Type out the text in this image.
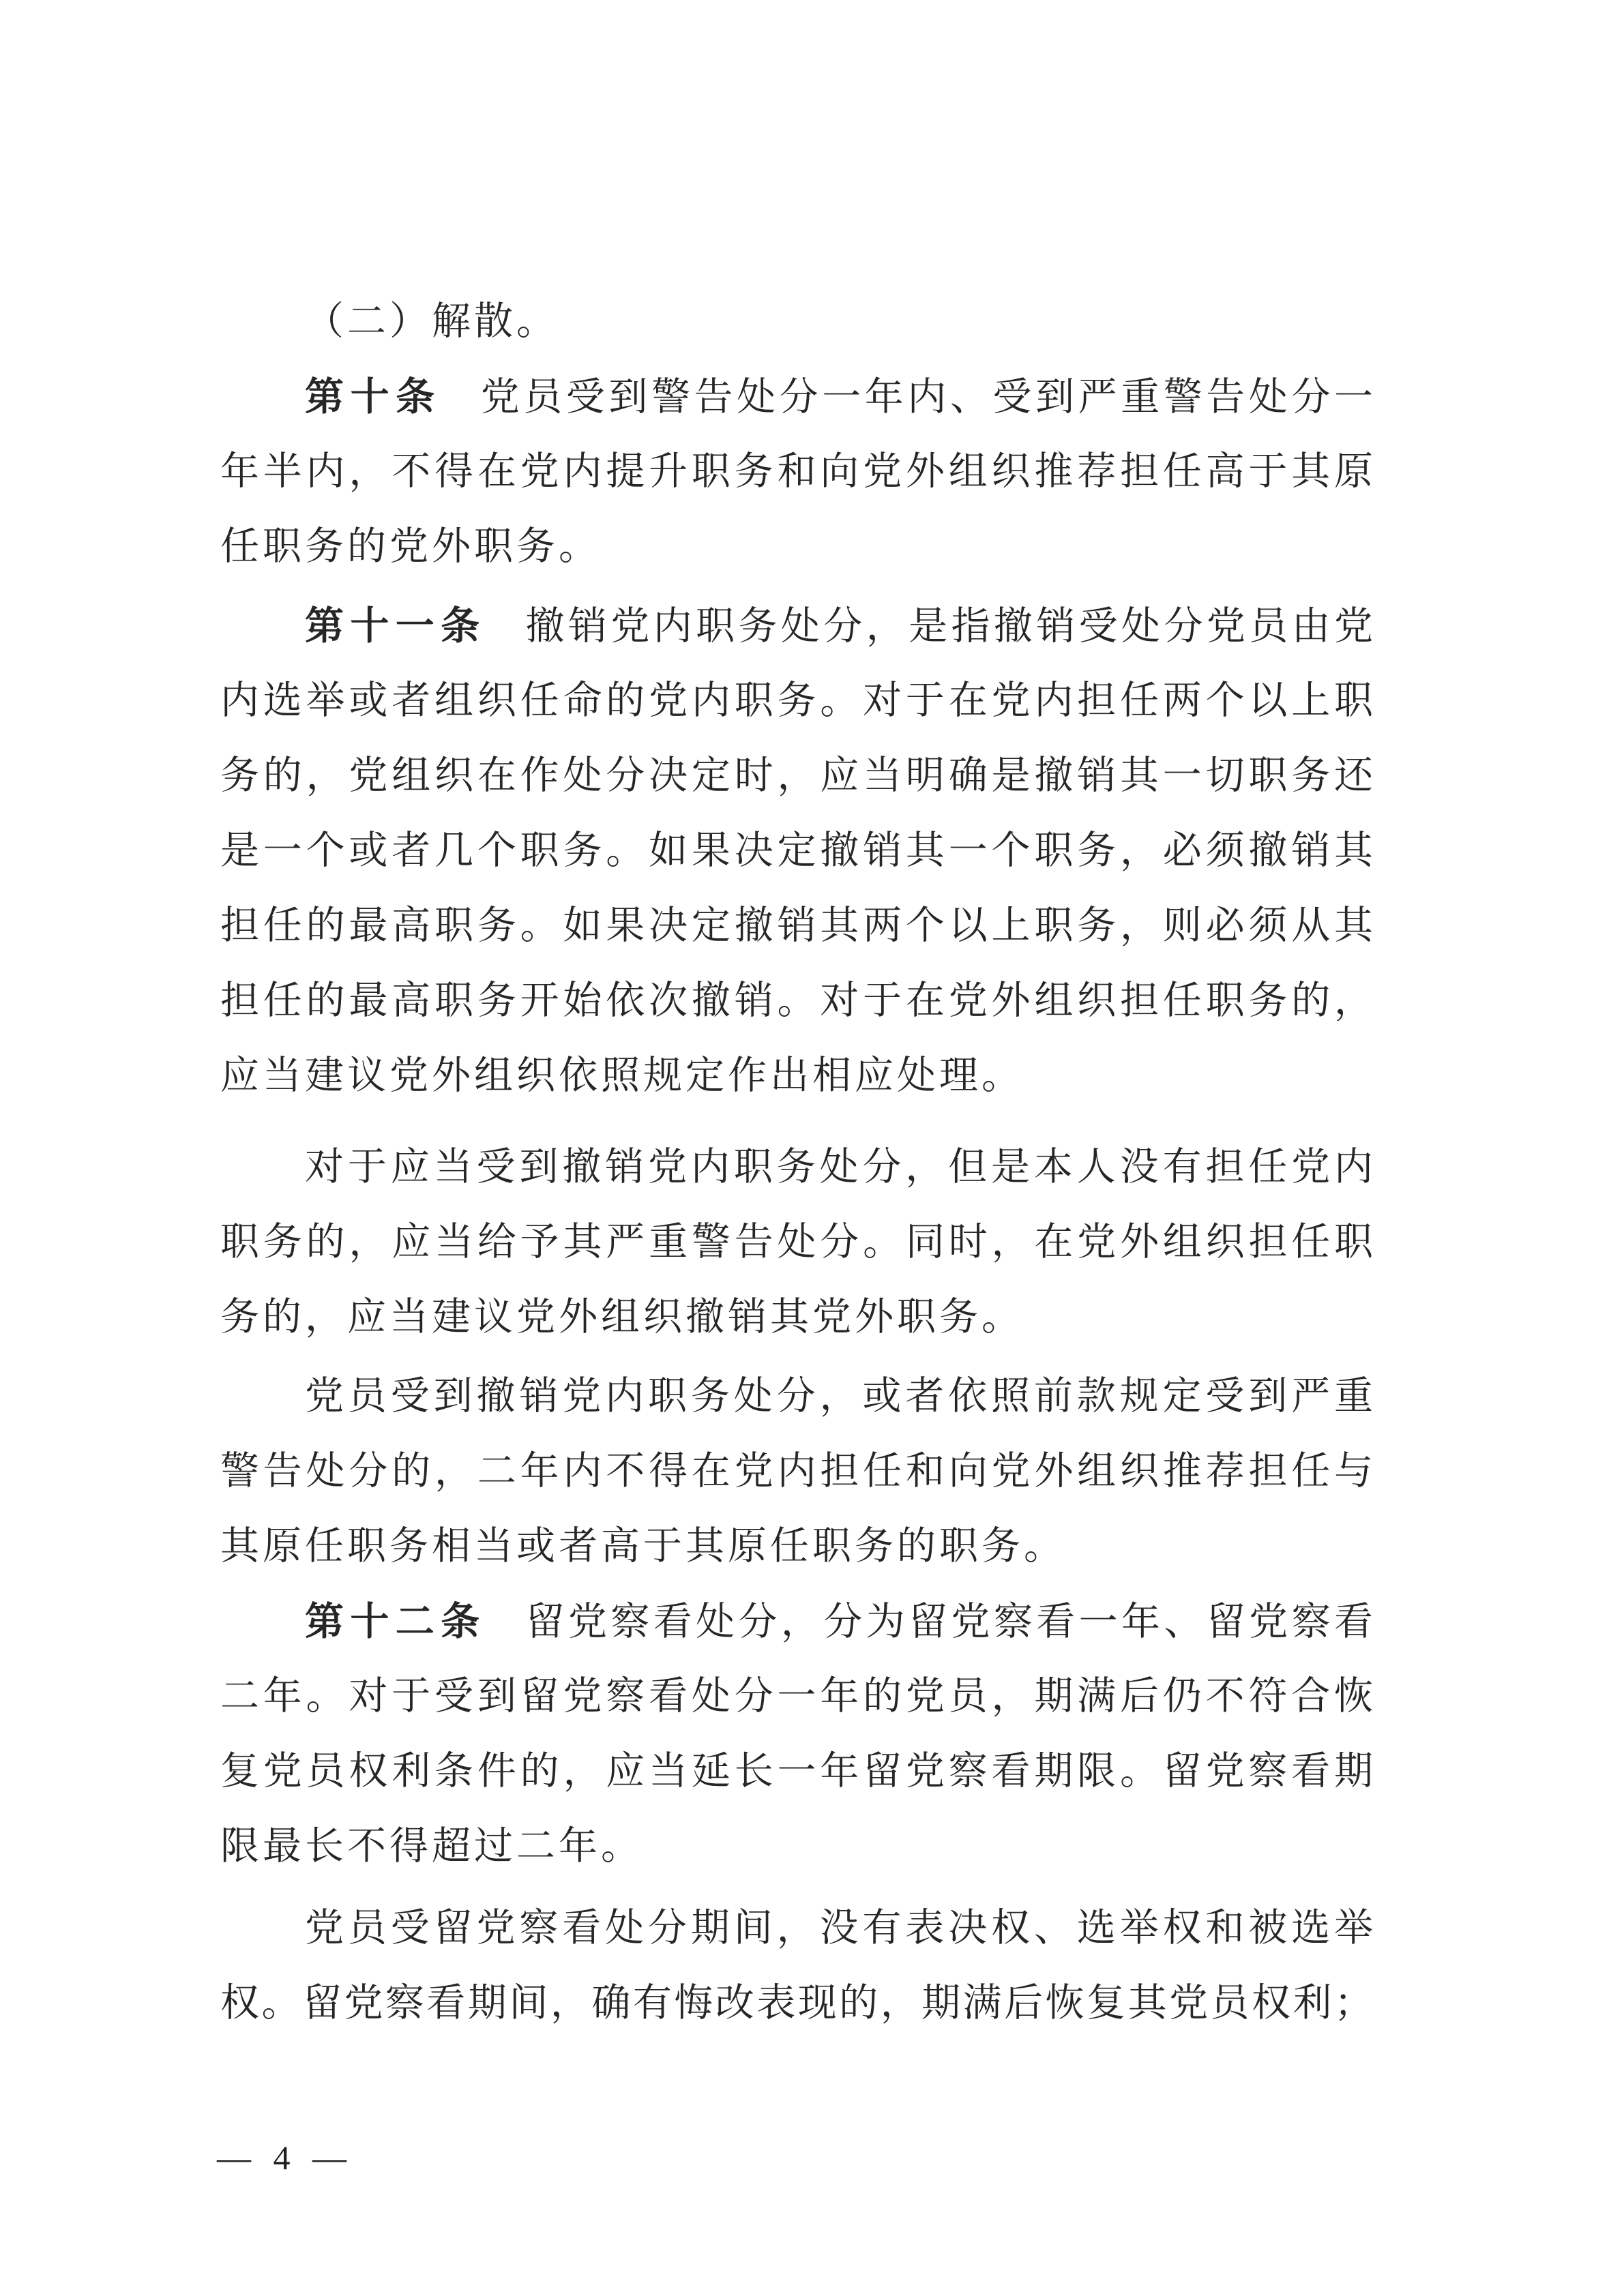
（二）解散。
第十条 党员受到警告处分一年内、受到严重警告处分一
年半内，不得在党内提升职务和向党外组织推荐担任高于其原
任职务的党外职务。
第十一条 撤销党内职务处分，是指撤销受处分党员由党
内选举或者组织任命的党内职务。对于在党内担任两个以上职
务的，党组织在作处分决定时，应当明确是撤销其一切职务还
是一个或者几个职务。如果决定撤销其一个职务，必须撤销其
担任的最高职务。如果决定撤销其两个以上职务，则必须从其
担任的最高职务开始依次撤销。对于在党外组织担任职务的，
应当建议党外组织依照规定作出相应处理。
对于应当受到撤销党内职务处分，但是本人没有担任党内
职务的，应当给予其严重警告处分。同时，在党外组织担任职
务的，应当建议党外组织撤销其党外职务。
党员受到撤销党内职务处分，或者依照前款规定受到严重
警告处分的，二年内不得在党内担任和向党外组织推荐担任与
其原任职务相当或者高于其原任职务的职务。
第十二条 留党察看处分，分为留党察看一年、留党察看
二年。对于受到留党察看处分一年的党员，期满后仍不符合恢
复党员权利条件的，应当延长一年留党察看期限。留党察看期
限最长不得超过二年。
党员受留党察看处分期间，没有表决权、选举权和被选举
权。留党察看期间，确有悔改表现的，期满后恢复其党员权利；
— 4 —
